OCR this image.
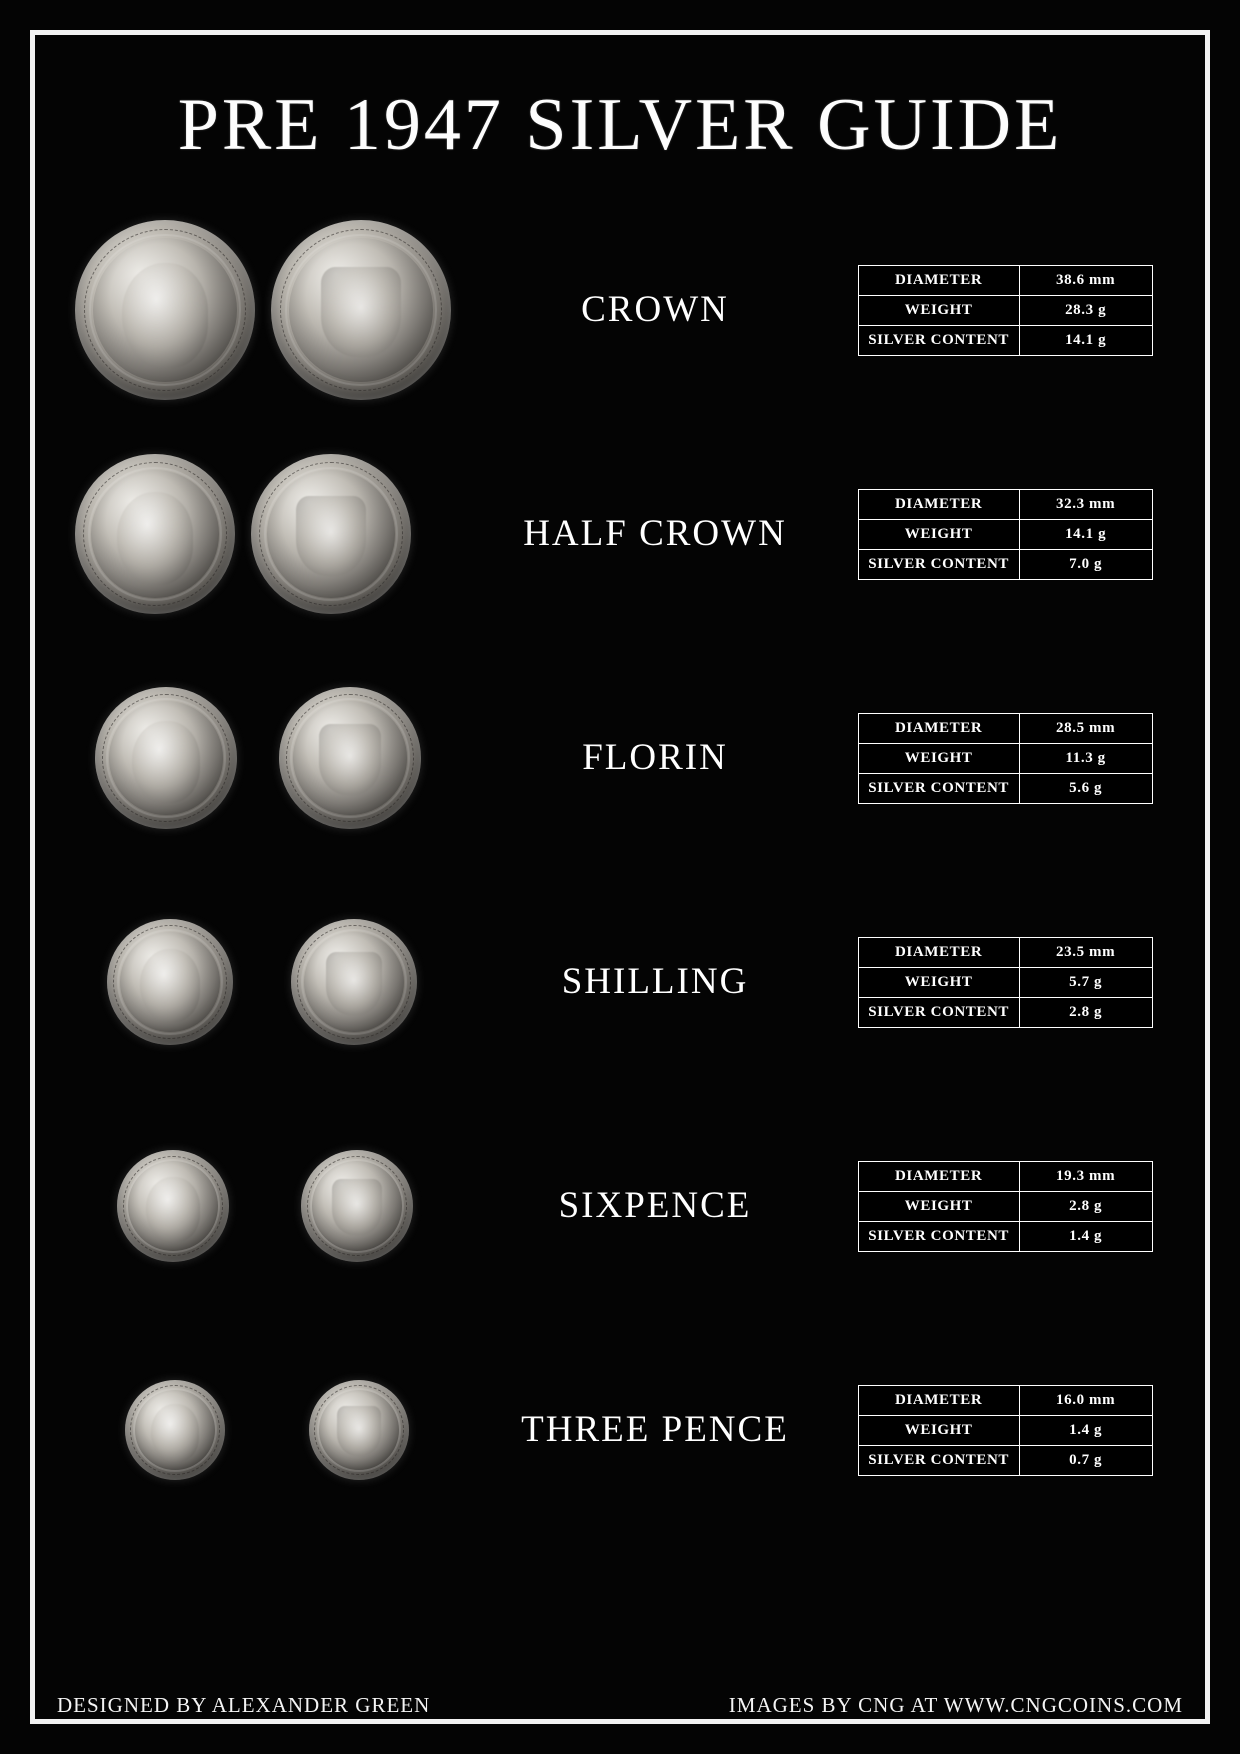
PRE 1947 SILVER GUIDE
CROWN
DIAMETER	38.6 mm
WEIGHT	28.3 g
SILVER CONTENT	14.1 g
HALF CROWN
DIAMETER	32.3 mm
WEIGHT	14.1 g
SILVER CONTENT	7.0 g
FLORIN
DIAMETER	28.5 mm
WEIGHT	11.3 g
SILVER CONTENT	5.6 g
SHILLING
DIAMETER	23.5 mm
WEIGHT	5.7 g
SILVER CONTENT	2.8 g
SIXPENCE
DIAMETER	19.3 mm
WEIGHT	2.8 g
SILVER CONTENT	1.4 g
THREE PENCE
DIAMETER	16.0 mm
WEIGHT	1.4 g
SILVER CONTENT	0.7 g
DESIGNED BY ALEXANDER GREEN	IMAGES BY CNG AT WWW.CNGCOINS.COM
